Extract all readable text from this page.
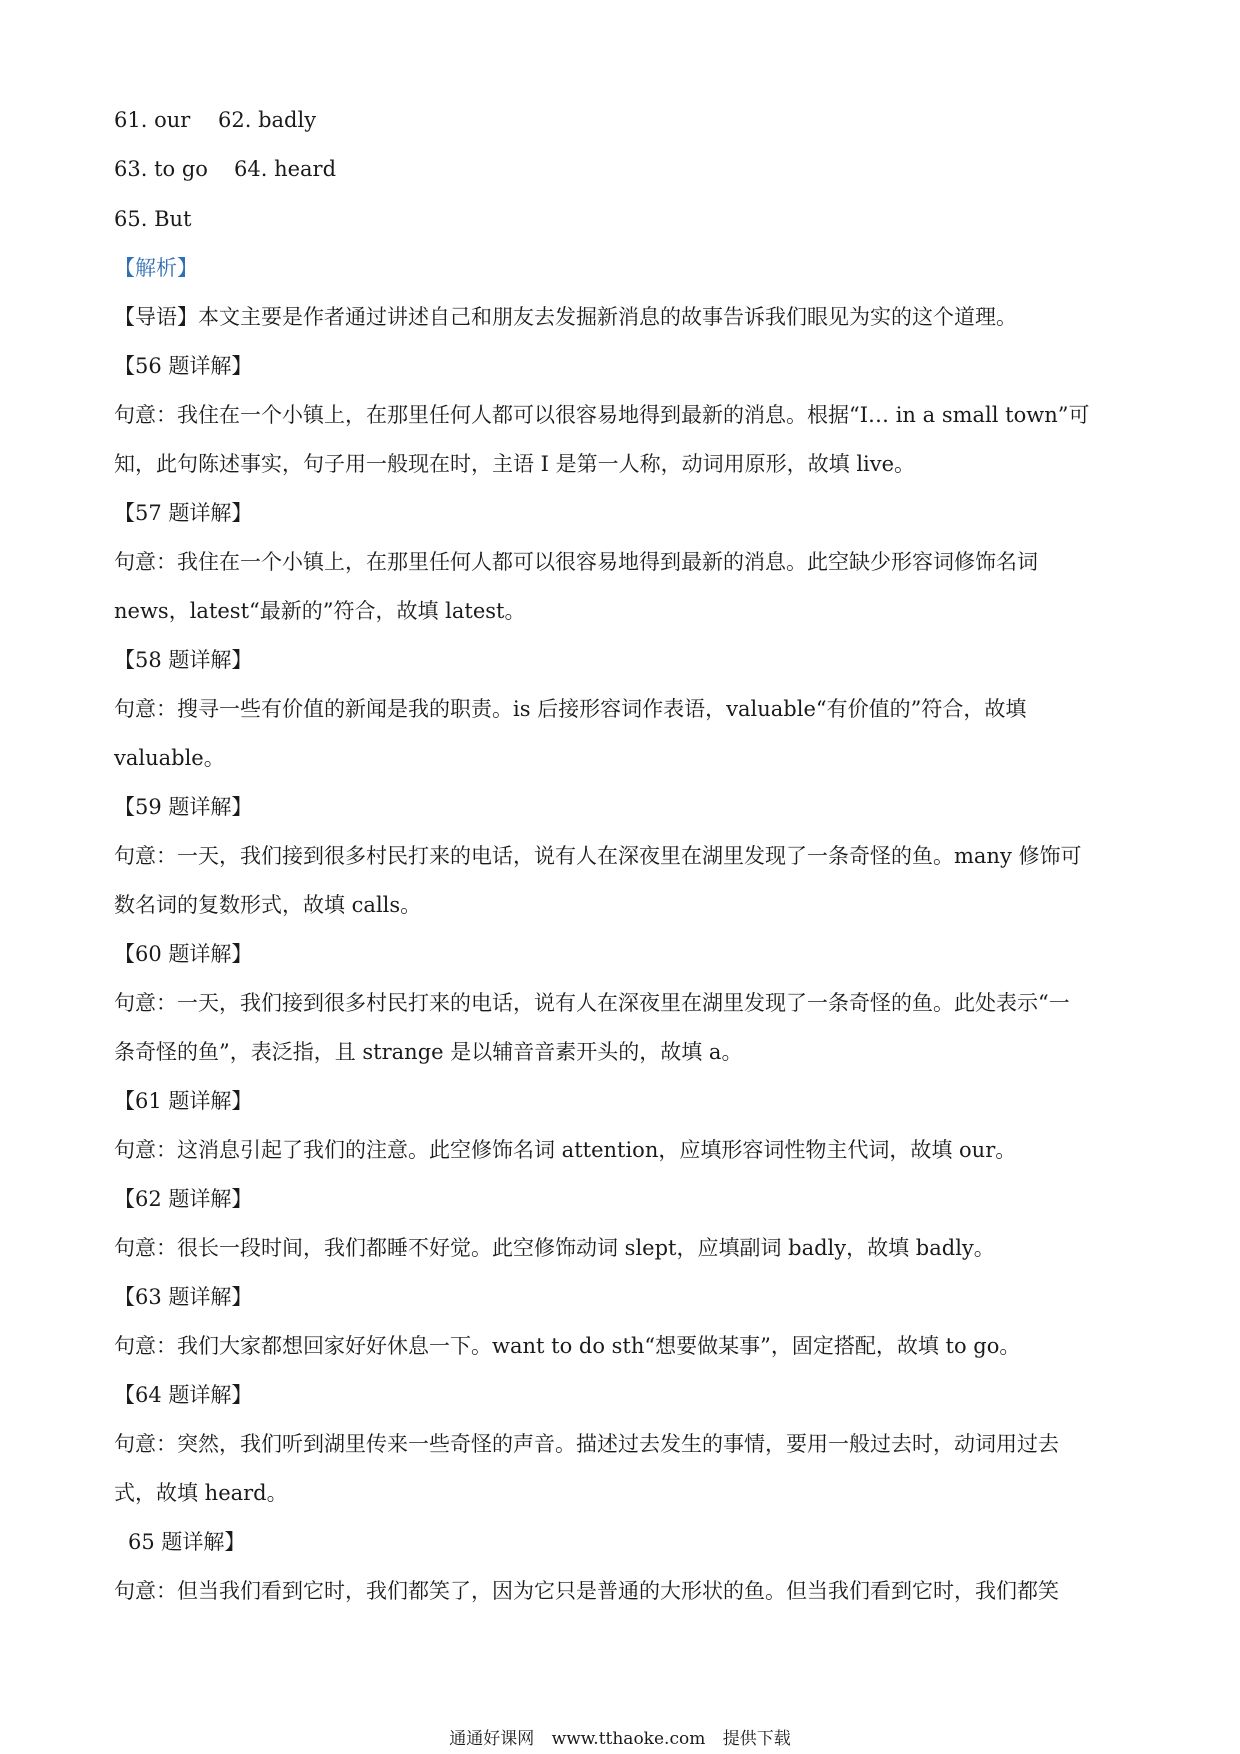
61. our 62. badly
63. to go 64. heard
65. But
【解析】
【导语】本文主要是作者通过讲述自己和朋友去发掘新消息的故事告诉我们眼见为实的这个道理。
【56 题详解】
句意：我住在一个小镇上，在那里任何人都可以很容易地得到最新的消息。根据“I… in a small town”可
知，此句陈述事实，句子用一般现在时，主语 I 是第一人称，动词用原形，故填 live。
【57 题详解】
句意：我住在一个小镇上，在那里任何人都可以很容易地得到最新的消息。此空缺少形容词修饰名词
news，latest“最新的”符合，故填 latest。
【58 题详解】
句意：搜寻一些有价值的新闻是我的职责。is 后接形容词作表语，valuable“有价值的”符合，故填
valuable。
【59 题详解】
句意：一天，我们接到很多村民打来的电话，说有人在深夜里在湖里发现了一条奇怪的鱼。many 修饰可
数名词的复数形式，故填 calls。
【60 题详解】
句意：一天，我们接到很多村民打来的电话，说有人在深夜里在湖里发现了一条奇怪的鱼。此处表示“一
条奇怪的鱼”，表泛指，且 strange 是以辅音音素开头的，故填 a。
【61 题详解】
句意：这消息引起了我们的注意。此空修饰名词 attention，应填形容词性物主代词，故填 our。
【62 题详解】
句意：很长一段时间，我们都睡不好觉。此空修饰动词 slept，应填副词 badly，故填 badly。
【63 题详解】
句意：我们大家都想回家好好休息一下。want to do sth“想要做某事”，固定搭配，故填 to go。
【64 题详解】
句意：突然，我们听到湖里传来一些奇怪的声音。描述过去发生的事情，要用一般过去时，动词用过去
式，故填 heard。
65 题详解】
句意：但当我们看到它时，我们都笑了，因为它只是普通的大形状的鱼。但当我们看到它时，我们都笑
通通好课网 www.tthaoke.com 提供下载
